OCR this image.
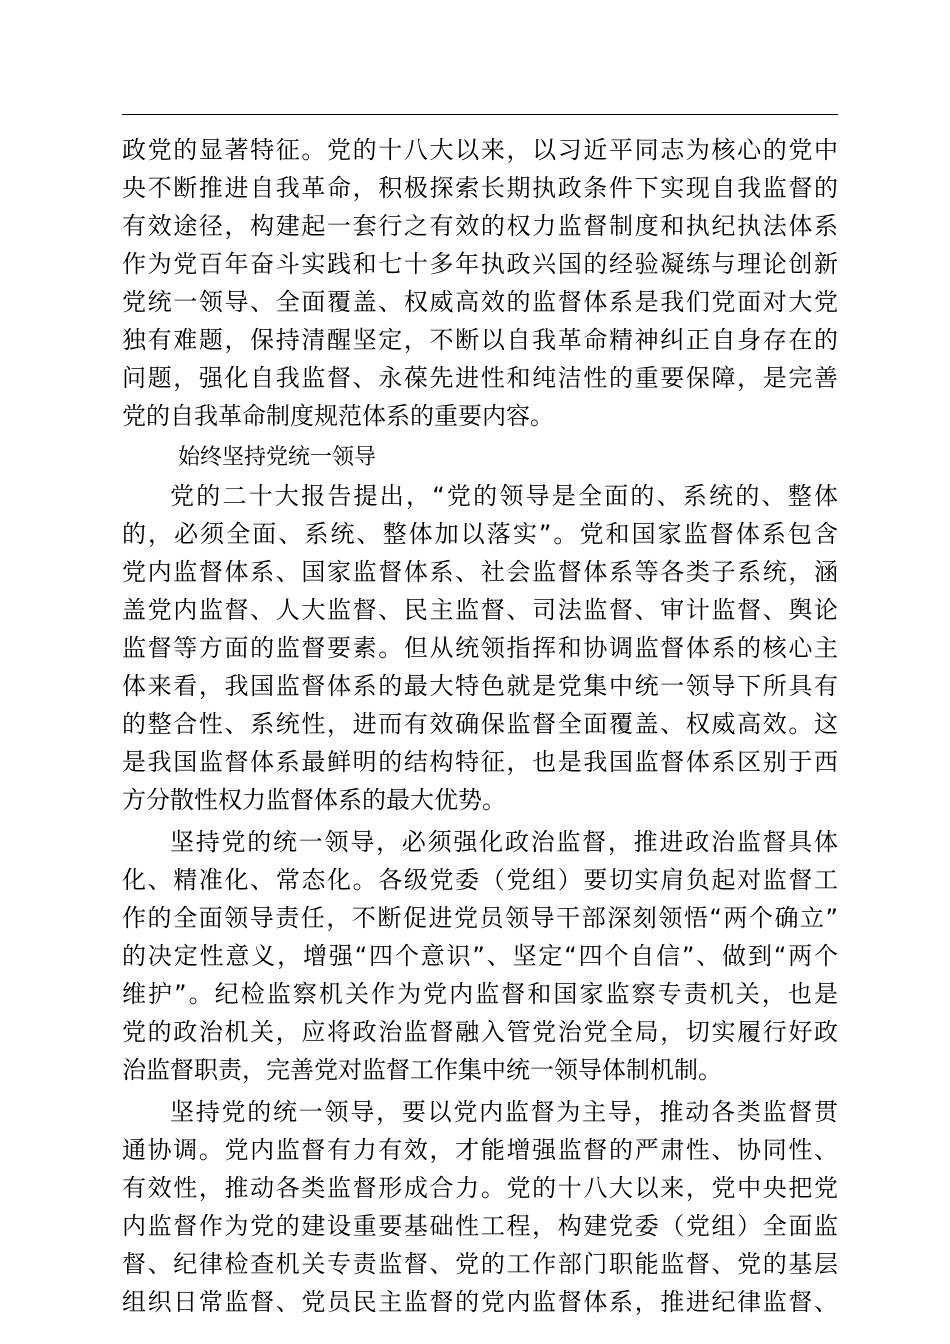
政党的显著特征。党的十八大以来，以习近平同志为核心的党中
央不断推进自我革命，积极探索长期执政条件下实现自我监督的
有效途径，构建起一套行之有效的权力监督制度和执纪执法体系
作为党百年奋斗实践和七十多年执政兴国的经验凝练与理论创新
党统一领导、全面覆盖、权威高效的监督体系是我们党面对大党
独有难题，保持清醒坚定，不断以自我革命精神纠正自身存在的
问题，强化自我监督、永葆先进性和纯洁性的重要保障，是完善
党的自我革命制度规范体系的重要内容。
始终坚持党统一领导
党的二十大报告提出，“党的领导是全面的、系统的、整体
的，必须全面、系统、整体加以落实”。党和国家监督体系包含
党内监督体系、国家监督体系、社会监督体系等各类子系统，涵
盖党内监督、人大监督、民主监督、司法监督、审计监督、舆论
监督等方面的监督要素。但从统领指挥和协调监督体系的核心主
体来看，我国监督体系的最大特色就是党集中统一领导下所具有
的整合性、系统性，进而有效确保监督全面覆盖、权威高效。这
是我国监督体系最鲜明的结构特征，也是我国监督体系区别于西
方分散性权力监督体系的最大优势。
坚持党的统一领导，必须强化政治监督，推进政治监督具体
化、精准化、常态化。各级党委（党组）要切实肩负起对监督工
作的全面领导责任，不断促进党员领导干部深刻领悟“两个确立”
的决定性意义，增强“四个意识”、坚定“四个自信”、做到“两个
维护”。纪检监察机关作为党内监督和国家监察专责机关，也是
党的政治机关，应将政治监督融入管党治党全局，切实履行好政
治监督职责，完善党对监督工作集中统一领导体制机制。
坚持党的统一领导，要以党内监督为主导，推动各类监督贯
通协调。党内监督有力有效，才能增强监督的严肃性、协同性、
有效性，推动各类监督形成合力。党的十八大以来，党中央把党
内监督作为党的建设重要基础性工程，构建党委（党组）全面监
督、纪律检查机关专责监督、党的工作部门职能监督、党的基层
组织日常监督、党员民主监督的党内监督体系，推进纪律监督、
